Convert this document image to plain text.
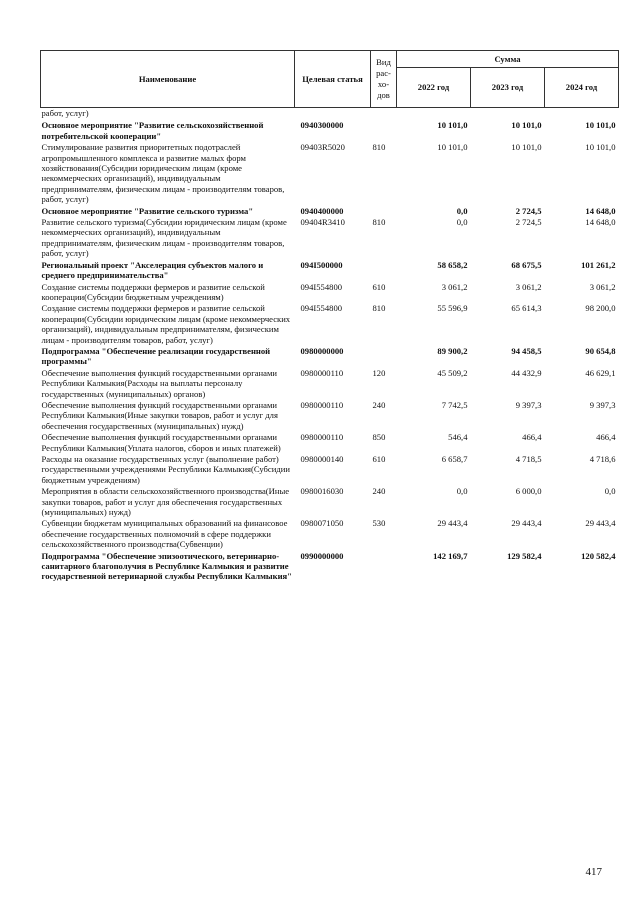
Наименование	Целевая статья	Вид рас-хо-дов	Сумма		
			2022 год	2023 год	2024 год
работ, услуг)					
Основное мероприятие "Развитие сельскохозяйственной потребительской кооперации"	0940300000		10 101,0	10 101,0	10 101,0
Стимулирование развития приоритетных подотраслей агропромышленного комплекса и развитие малых форм хозяйствования(Субсидии юридическим лицам (кроме некоммерческих организаций), индивидуальным предпринимателям, физическим лицам - производителям товаров, работ, услуг)	09403R5020	810	10 101,0	10 101,0	10 101,0
Основное мероприятие "Развитие сельского туризма"	0940400000		0,0	2 724,5	14 648,0
Развитие сельского туризма(Субсидии юридическим лицам (кроме некоммерческих организаций), индивидуальным предпринимателям, физическим лицам - производителям товаров, работ, услуг)	09404R3410	810	0,0	2 724,5	14 648,0
Региональный проект "Акселерация субъектов малого и среднего предпринимательства"	094I500000		58 658,2	68 675,5	101 261,2
Создание системы поддержки фермеров и развитие сельской кооперации(Субсидии бюджетным учреждениям)	094I554800	610	3 061,2	3 061,2	3 061,2
Создание системы поддержки фермеров и развитие сельской кооперации(Субсидии юридическим лицам (кроме некоммерческих организаций), индивидуальным предпринимателям, физическим лицам - производителям товаров, работ, услуг)	094I554800	810	55 596,9	65 614,3	98 200,0
Подпрограмма "Обеспечение реализации государственной программы"	0980000000		89 900,2	94 458,5	90 654,8
Обеспечение выполнения функций государственными органами Республики Калмыкия(Расходы на выплаты персоналу государственных (муниципальных) органов)	0980000110	120	45 509,2	44 432,9	46 629,1
Обеспечение выполнения функций государственными органами Республики Калмыкия(Иные закупки товаров, работ и услуг для обеспечения государственных (муниципальных) нужд)	0980000110	240	7 742,5	9 397,3	9 397,3
Обеспечение выполнения функций государственными органами Республики Калмыкия(Уплата налогов, сборов и иных платежей)	0980000110	850	546,4	466,4	466,4
Расходы на оказание государственных услуг (выполнение работ) государственными учреждениями Республики Калмыкия(Субсидии бюджетным учреждениям)	0980000140	610	6 658,7	4 718,5	4 718,6
Мероприятия в области сельскохозяйственного производства(Иные закупки товаров, работ и услуг для обеспечения государственных (муниципальных) нужд)	0980016030	240	0,0	6 000,0	0,0
Субвенции бюджетам муниципальных образований на финансовое обеспечение государственных полномочий в сфере поддержки сельскохозяйственного производства(Субвенции)	0980071050	530	29 443,4	29 443,4	29 443,4
Подпрограмма "Обеспечение эпизоотического, ветеринарно-санитарного благополучия в Республике Калмыкия и развитие государственной ветеринарной службы Республики Калмыкия"	0990000000		142 169,7	129 582,4	120 582,4
417
